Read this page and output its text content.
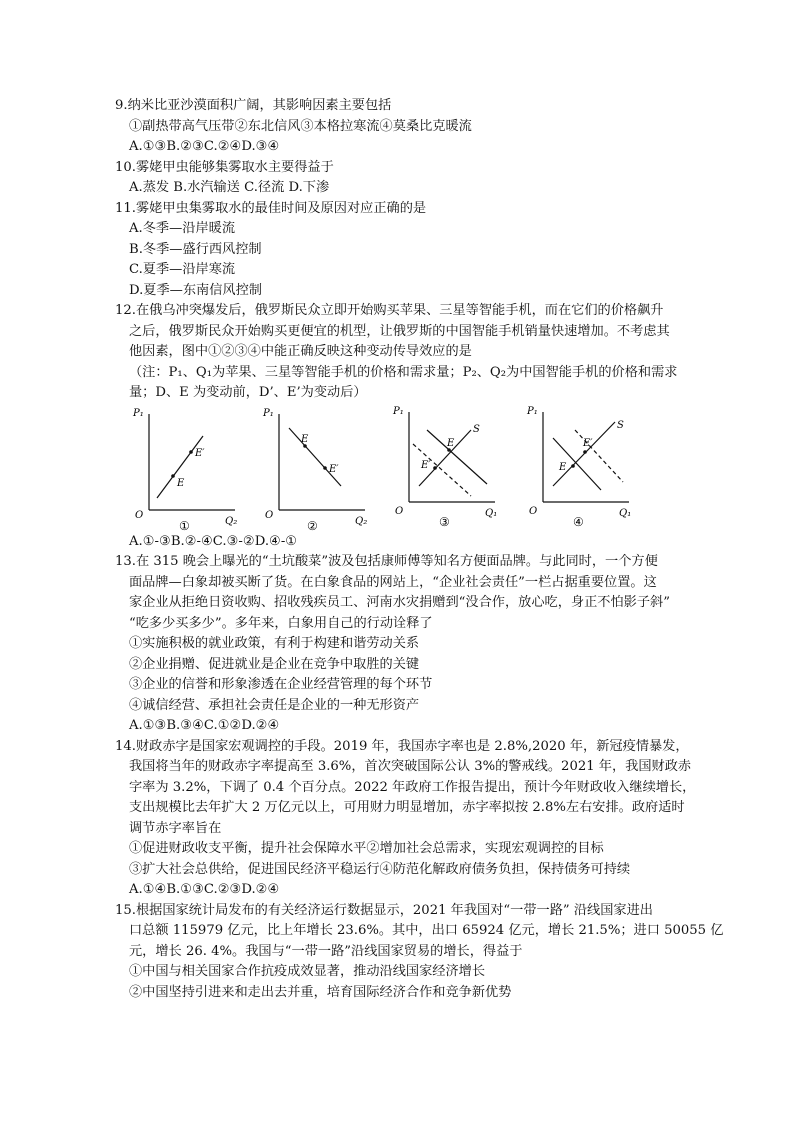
9.纳米比亚沙漠面积广阔，其影响因素主要包括
①副热带高气压带②东北信风③本格拉寒流④莫桑比克暖流
A.①③B.②③C.②④D.③④
10.雾姥甲虫能够集雾取水主要得益于
A.蒸发 B.水汽输送 C.径流 D.下渗
11.雾姥甲虫集雾取水的最佳时间及原因对应正确的是
A.冬季—沿岸暖流
B.冬季—盛行西风控制
C.夏季—沿岸寒流
D.夏季—东南信风控制
12.在俄乌冲突爆发后，俄罗斯民众立即开始购买苹果、三星等智能手机，而在它们的价格飙升
之后，俄罗斯民众开始购买更便宜的机型，让俄罗斯的中国智能手机销量快速增加。不考虑其
他因素，图中①②③④中能正确反映这种变动传导效应的是
（注：P₁、Q₁为苹果、三星等智能手机的价格和需求量；P₂、Q₂为中国智能手机的价格和需求
量；D、E 为变动前，D’、E’为变动后）
P₁
Q₂
O
E
E′
①
P₁
Q₂
O
E
E′
②
P₁
Q₁
O
S
E
E′
③
P₁
Q₁
O
S
E
E′
④
A.①-③B.②-④C.③-②D.④-①
13.在 315 晚会上曝光的“土坑酸菜”波及包括康师傅等知名方便面品牌。与此同时，一个方便
面品牌—白象却被买断了货。在白象食品的网站上，“企业社会责任”一栏占据重要位置。这
家企业从拒绝日资收购、招收残疾员工、河南水灾捐赠到“没合作，放心吃，身正不怕影子斜”
“吃多少买多少”。多年来，白象用自己的行动诠释了
①实施积极的就业政策，有利于构建和谐劳动关系
②企业捐赠、促进就业是企业在竞争中取胜的关键
③企业的信誉和形象渗透在企业经营管理的每个环节
④诚信经营、承担社会责任是企业的一种无形资产
A.①③B.③④C.①②D.②④
14.财政赤字是国家宏观调控的手段。2019 年，我国赤字率也是 2.8%,2020 年，新冠疫情暴发，
我国将当年的财政赤字率提高至 3.6%，首次突破国际公认 3%的警戒线。2021 年，我国财政赤
字率为 3.2%，下调了 0.4 个百分点。2022 年政府工作报告提出，预计今年财政收入继续增长，
支出规模比去年扩大 2 万亿元以上，可用财力明显增加，赤字率拟按 2.8%左右安排。政府适时
调节赤字率旨在
①促进财政收支平衡，提升社会保障水平②增加社会总需求，实现宏观调控的目标
③扩大社会总供给，促进国民经济平稳运行④防范化解政府债务负担，保持债务可持续
A.①④B.①③C.②③D.②④
15.根据国家统计局发布的有关经济运行数据显示，2021 年我国对“一带一路” 沿线国家进出
口总额 115979 亿元，比上年增长 23.6%。其中，出口 65924 亿元，增长 21.5%；进口 50055 亿
元，增长 26. 4%。我国与“一带一路”沿线国家贸易的增长，得益于
①中国与相关国家合作抗疫成效显著，推动沿线国家经济增长
②中国坚持引进来和走出去并重，培育国际经济合作和竞争新优势
